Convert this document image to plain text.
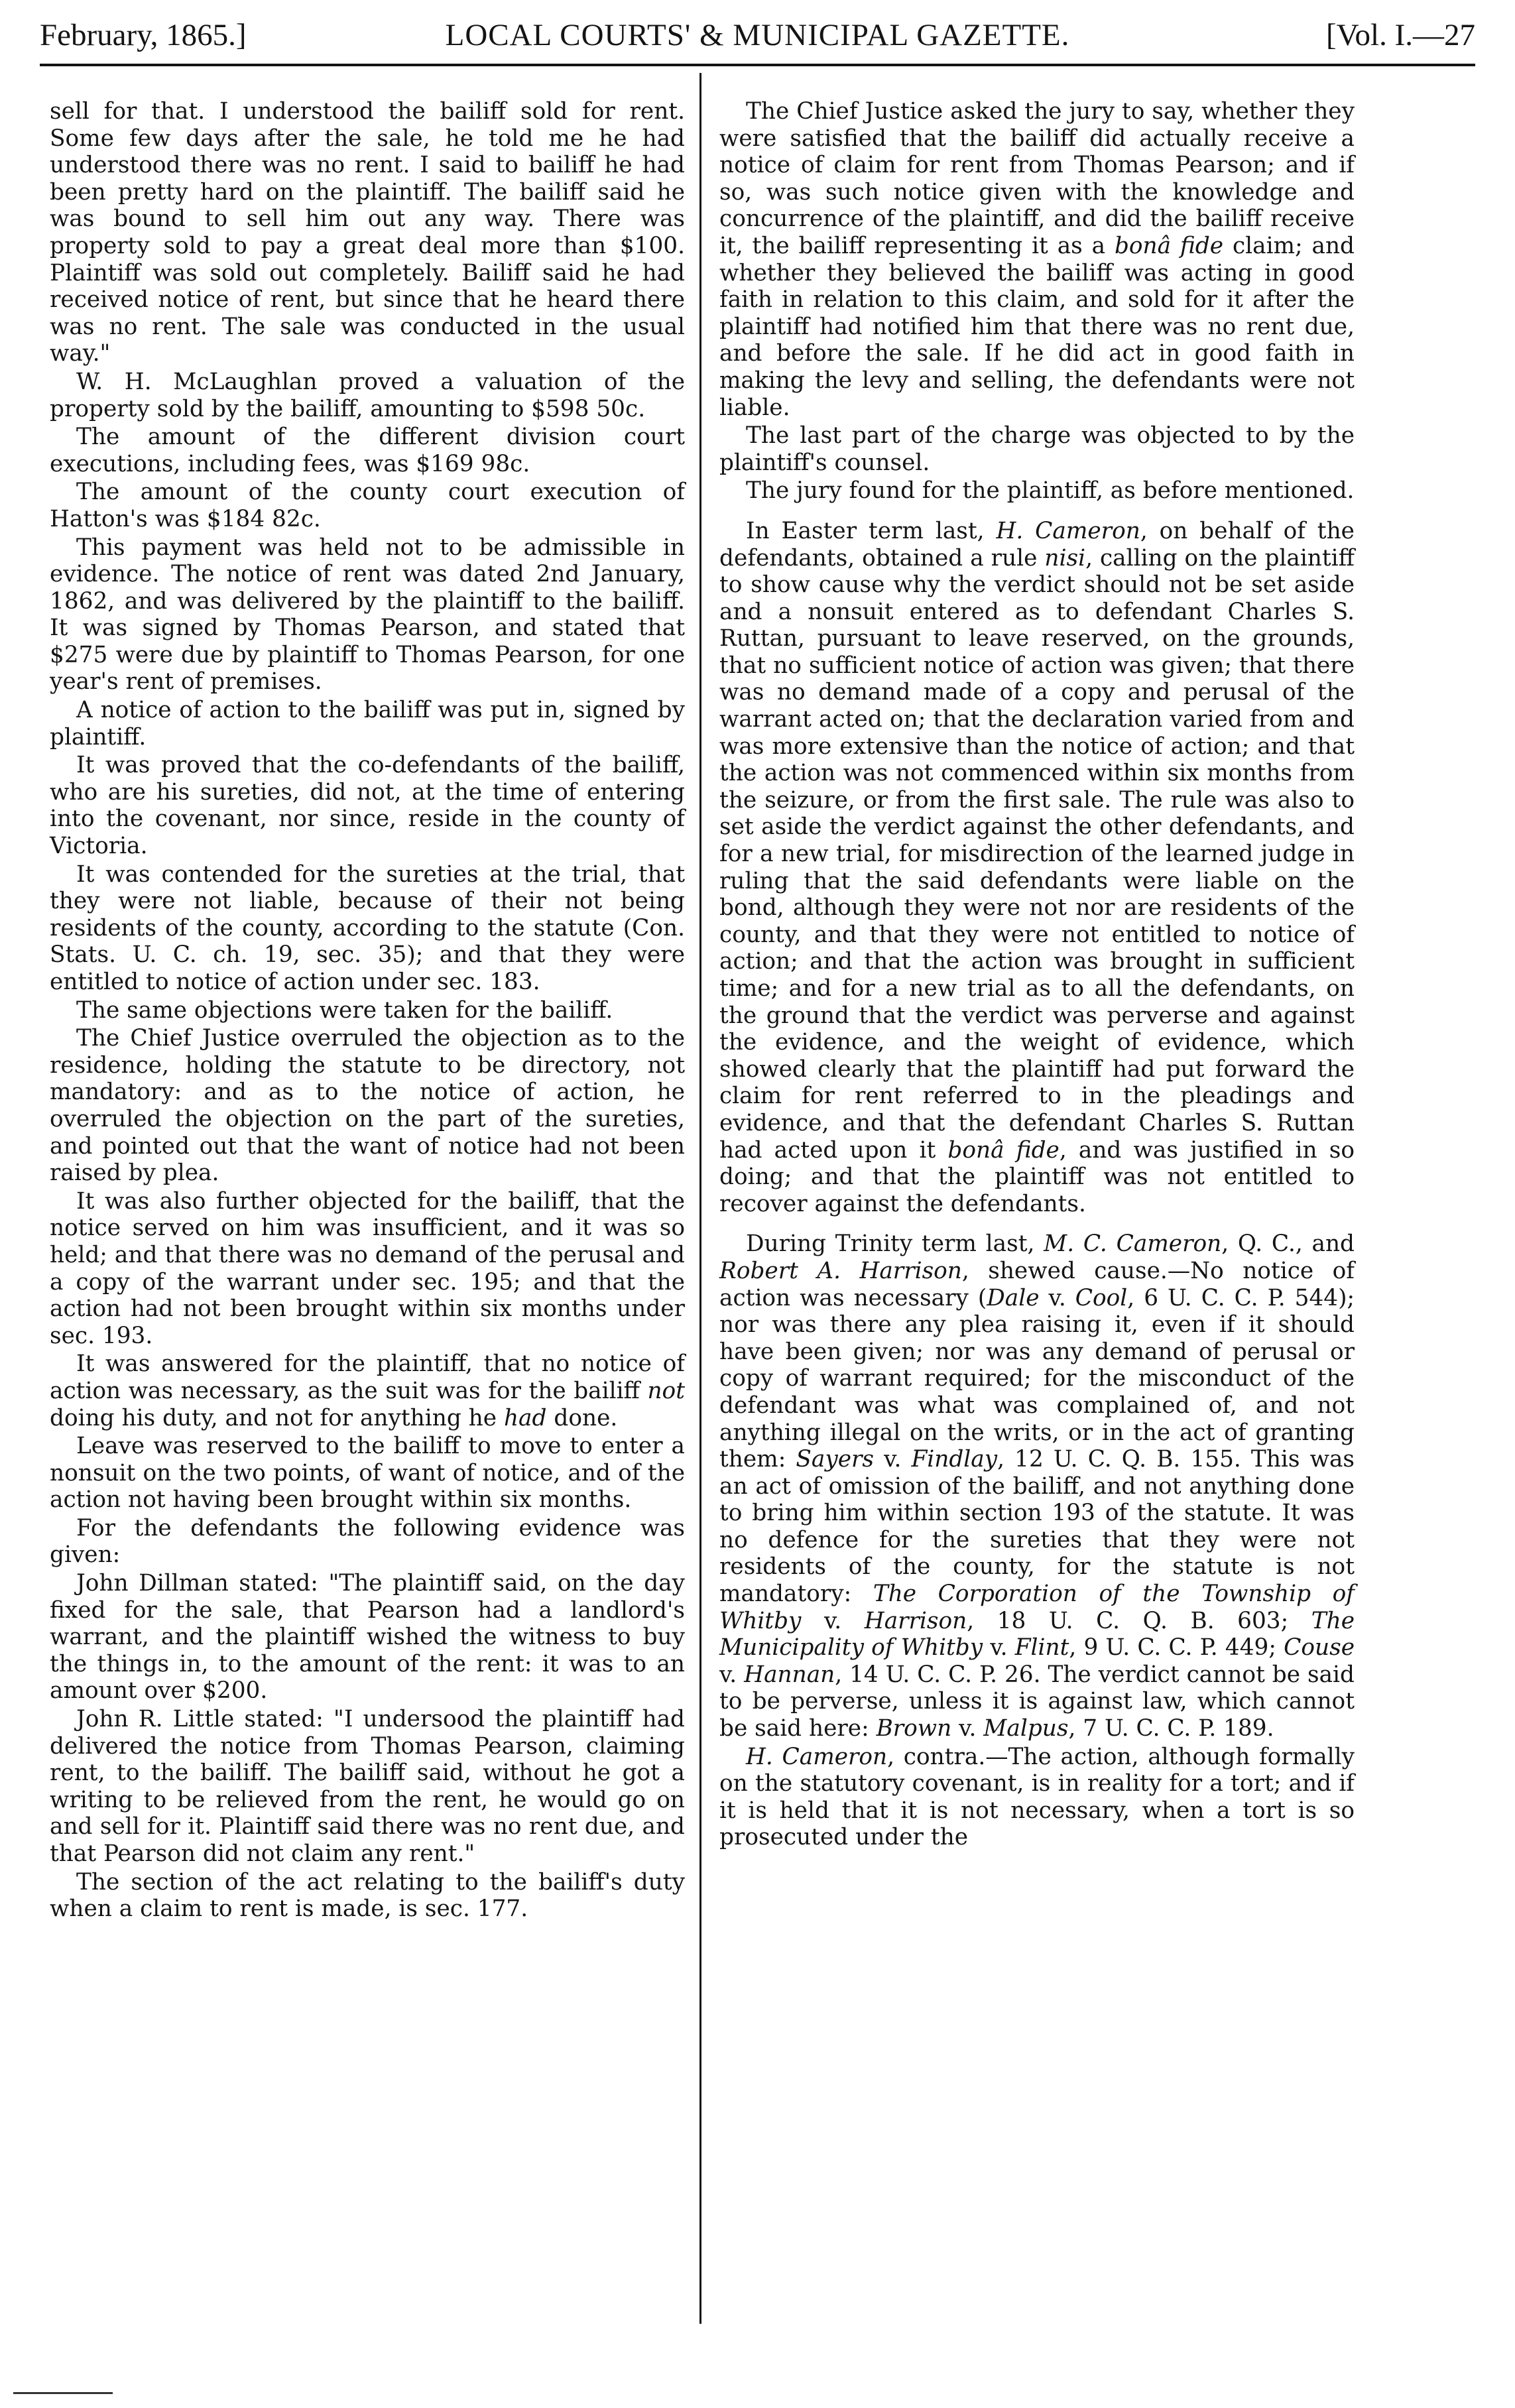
February, 1865.]	LOCAL COURTS' & MUNICIPAL GAZETTE.	[Vol. I.—27

sell for that. I understood the bailiff sold for rent. Some few days after the sale, he told me he had understood there was no rent. I said to bailiff he had been pretty hard on the plaintiff. The bailiff said he was bound to sell him out any way. There was property sold to pay a great deal more than $100. Plaintiff was sold out completely. Bailiff said he had received notice of rent, but since that he heard there was no rent. The sale was conducted in the usual way."

W. H. McLaughlan proved a valuation of the property sold by the bailiff, amounting to $598 50c.

The amount of the different division court executions, including fees, was $169 98c.

The amount of the county court execution of Hatton's was $184 82c.

This payment was held not to be admissible in evidence. The notice of rent was dated 2nd January, 1862, and was delivered by the plaintiff to the bailiff. It was signed by Thomas Pearson, and stated that $275 were due by plaintiff to Thomas Pearson, for one year's rent of premises.

A notice of action to the bailiff was put in, signed by plaintiff.

It was proved that the co-defendants of the bailiff, who are his sureties, did not, at the time of entering into the covenant, nor since, reside in the county of Victoria.

It was contended for the sureties at the trial, that they were not liable, because of their not being residents of the county, according to the statute (Con. Stats. U. C. ch. 19, sec. 35); and that they were entitled to notice of action under sec. 183.

The same objections were taken for the bailiff.

The Chief Justice overruled the objection as to the residence, holding the statute to be directory, not mandatory: and as to the notice of action, he overruled the objection on the part of the sureties, and pointed out that the want of notice had not been raised by plea.

It was also further objected for the bailiff, that the notice served on him was insufficient, and it was so held; and that there was no demand of the perusal and a copy of the warrant under sec. 195; and that the action had not been brought within six months under sec. 193.

It was answered for the plaintiff, that no notice of action was necessary, as the suit was for the bailiff not doing his duty, and not for anything he had done.

Leave was reserved to the bailiff to move to enter a nonsuit on the two points, of want of notice, and of the action not having been brought within six months.

For the defendants the following evidence was given:

John Dillman stated: "The plaintiff said, on the day fixed for the sale, that Pearson had a landlord's warrant, and the plaintiff wished the witness to buy the things in, to the amount of the rent: it was to an amount over $200.

John R. Little stated: "I undersood the plaintiff had delivered the notice from Thomas Pearson, claiming rent, to the bailiff. The bailiff said, without he got a writing to be relieved from the rent, he would go on and sell for it. Plaintiff said there was no rent due, and that Pearson did not claim any rent."

The section of the act relating to the bailiff's duty when a claim to rent is made, is sec. 177.

The Chief Justice asked the jury to say, whether they were satisfied that the bailiff did actually receive a notice of claim for rent from Thomas Pearson; and if so, was such notice given with the knowledge and concurrence of the plaintiff, and did the bailiff receive it, the bailiff representing it as a bonâ fide claim; and whether they believed the bailiff was acting in good faith in relation to this claim, and sold for it after the plaintiff had notified him that there was no rent due, and before the sale. If he did act in good faith in making the levy and selling, the defendants were not liable.

The last part of the charge was objected to by the plaintiff's counsel.

The jury found for the plaintiff, as before mentioned.

In Easter term last, H. Cameron, on behalf of the defendants, obtained a rule nisi, calling on the plaintiff to show cause why the verdict should not be set aside and a nonsuit entered as to defendant Charles S. Ruttan, pursuant to leave reserved, on the grounds, that no sufficient notice of action was given; that there was no demand made of a copy and perusal of the warrant acted on; that the declaration varied from and was more extensive than the notice of action; and that the action was not commenced within six months from the seizure, or from the first sale. The rule was also to set aside the verdict against the other defendants, and for a new trial, for misdirection of the learned judge in ruling that the said defendants were liable on the bond, although they were not nor are residents of the county, and that they were not entitled to notice of action; and that the action was brought in sufficient time; and for a new trial as to all the defendants, on the ground that the verdict was perverse and against the evidence, and the weight of evidence, which showed clearly that the plaintiff had put forward the claim for rent referred to in the pleadings and evidence, and that the defendant Charles S. Ruttan had acted upon it bonâ fide, and was justified in so doing; and that the plaintiff was not entitled to recover against the defendants.

During Trinity term last, M. C. Cameron, Q. C., and Robert A. Harrison, shewed cause.—No notice of action was necessary (Dale v. Cool, 6 U. C. C. P. 544); nor was there any plea raising it, even if it should have been given; nor was any demand of perusal or copy of warrant required; for the misconduct of the defendant was what was complained of, and not anything illegal on the writs, or in the act of granting them: Sayers v. Findlay, 12 U. C. Q. B. 155. This was an act of omission of the bailiff, and not anything done to bring him within section 193 of the statute. It was no defence for the sureties that they were not residents of the county, for the statute is not mandatory: The Corporation of the Township of Whitby v. Harrison, 18 U. C. Q. B. 603; The Municipality of Whitby v. Flint, 9 U. C. C. P. 449; Couse v. Hannan, 14 U. C. C. P. 26. The verdict cannot be said to be perverse, unless it is against law, which cannot be said here: Brown v. Malpus, 7 U. C. C. P. 189.

H. Cameron, contra.—The action, although formally on the statutory covenant, is in reality for a tort; and if it is held that it is not necessary, when a tort is so prosecuted under the
